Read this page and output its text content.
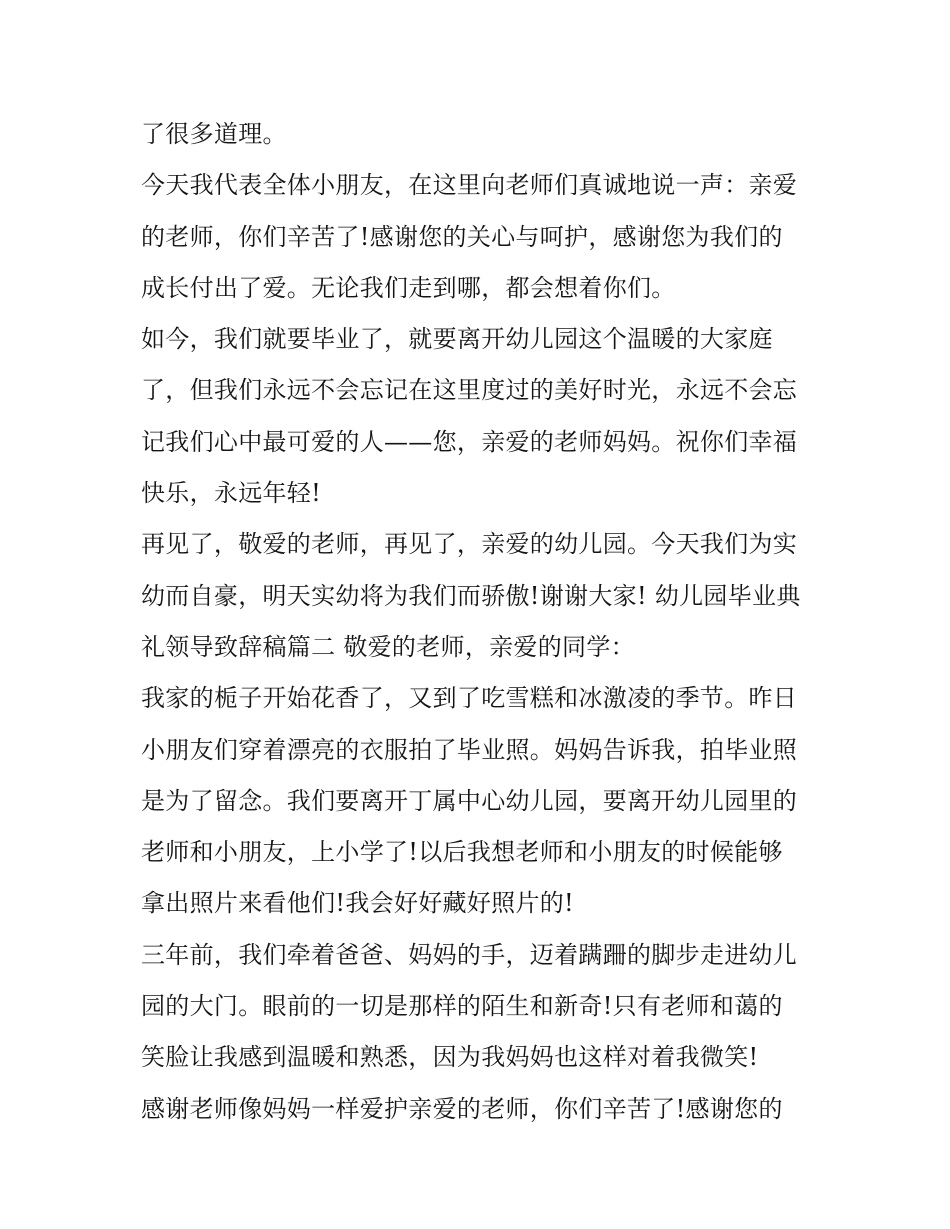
了很多道理。
今天我代表全体小朋友，在这里向老师们真诚地说一声：亲爱
的老师，你们辛苦了!感谢您的关心与呵护，感谢您为我们的
成长付出了爱。无论我们走到哪，都会想着你们。
如今，我们就要毕业了，就要离开幼儿园这个温暖的大家庭
了，但我们永远不会忘记在这里度过的美好时光，永远不会忘
记我们心中最可爱的人——您，亲爱的老师妈妈。祝你们幸福
快乐，永远年轻!
再见了，敬爱的老师，再见了，亲爱的幼儿园。今天我们为实
幼而自豪，明天实幼将为我们而骄傲!谢谢大家! 幼儿园毕业典
礼领导致辞稿篇二 敬爱的老师，亲爱的同学：
我家的栀子开始花香了，又到了吃雪糕和冰激凌的季节。昨日
小朋友们穿着漂亮的衣服拍了毕业照。妈妈告诉我，拍毕业照
是为了留念。我们要离开丁属中心幼儿园，要离开幼儿园里的
老师和小朋友，上小学了!以后我想老师和小朋友的时候能够
拿出照片来看他们!我会好好藏好照片的!
三年前，我们牵着爸爸、妈妈的手，迈着蹒跚的脚步走进幼儿
园的大门。眼前的一切是那样的陌生和新奇!只有老师和蔼的
笑脸让我感到温暖和熟悉，因为我妈妈也这样对着我微笑!
感谢老师像妈妈一样爱护亲爱的老师，你们辛苦了!感谢您的
